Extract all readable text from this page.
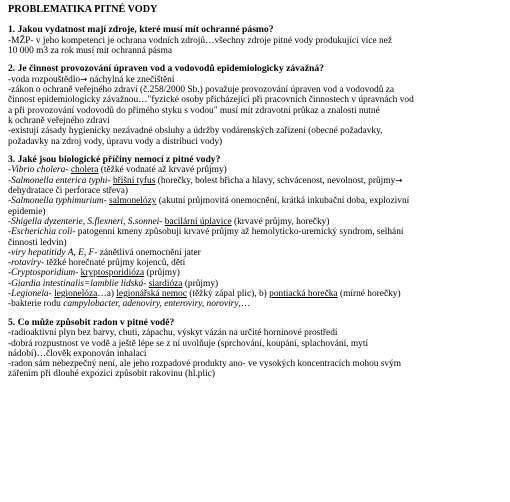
PROBLEMATIKA PITNÉ VODY
1. Jakou vydatnost mají zdroje, které musí mít ochranné pásmo?
-MŽP- v jeho kompetenci je ochrana vodních zdrojů…všechny zdroje pitné vody produkující více než
10 000 m3 za rok musí mít ochranná pásma
2. Je činnost provozování úpraven vod a vodovodů epidemiologicky závažná?
-voda rozpouštědlo→ náchylná ke znečištění
-zákon o ochraně veřejného zdraví (č.258/2000 Sb.) považuje provozování úpraven vod a vodovodů za
činnost epidemiologicky závažnou…"fyzické osoby přicházející při pracovních činnostech v úpravnách vod
a při provozování vodovodů do přímého styku s vodou" musí mít zdravotní průkaz a znalosti nutné
k ochraně veřejného zdraví
-existují zásady hygienicky nezávadné obsluhy a údržby vodárenských zařízení (obecné požadavky,
požadavky na zdroj vody, úpravu vody a distribuci vody)
3. Jaké jsou biologické příčiny nemocí z pitné vody?
-Vibrio cholera- cholera (těžké vodnaté až krvavé průjmy)
-Salmonella enterica typhi- břišní tyfus (horečky, bolest břicha a hlavy, schvácenost, nevolnost, průjmy→
dehydratace či perforace střeva)
-Salmonella typhimurium- salmonelózy (akutní průjmovitá onemocnění, krátká inkubační doba, explozivní
epidemie)
-Shigella dyzenterie, S.flexneri, S.sonnei- bacilární úplavice (krvavé průjmy, horečky)
-Escherichia coli- patogenní kmeny způsobují krvavé průjmy až hemolyticko-uremický syndrom, selhání
činnosti ledvin)
-viry hepatitidy A, E, F- zánětlivá onemocnění jater
-rotaviry- těžké horečnaté průjmy kojenců, dětí
-Cryptosporidium- kryptosporidióza (průjmy)
-Giardia intestinalis=lamblie lidská- siardióza (průjmy)
-Legionela- legionelóza…a) legionářská nemoc (těžký zápal plic), b) pontiacká horečka (mírné horečky)
-bakterie rodu campylobacter, adenoviry, enteroviry, noroviry,…
5. Co může způsobit radon v pitné vodě?
-radioaktivní plyn bez barvy, chuti, zápachu, výskyt vázán na určité horninové prostředí
-dobrá rozpustnost ve vodě a ještě lépe se z ní uvolňuje (sprchování, koupání, splachování, mytí
nádobí)…člověk exponován inhalací
-radon sám nebezpečný není, ale jeho rozpadové produkty ano- ve vysokých koncentracích mohou svým
zářením při dlouhé expozici způsobit rakovinu (hl.plic)
